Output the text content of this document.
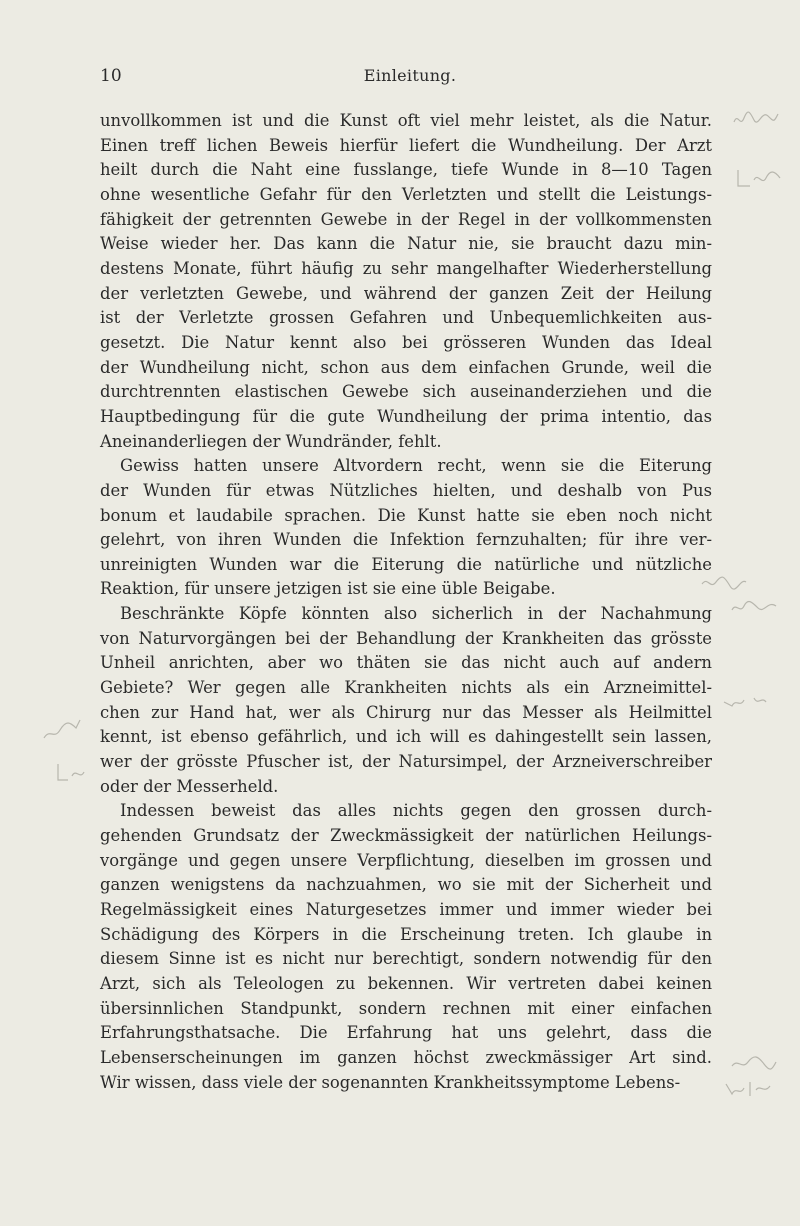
10	Einleitung.
unvollkommen ist und die Kunst oft viel mehr leistet, als die Natur.
Einen treff lichen Beweis hierfür liefert die Wundheilung. Der Arzt
heilt durch die Naht eine fusslange, tiefe Wunde in 8—10 Tagen
ohne wesentliche Gefahr für den Verletzten und stellt die Leistungs-
fähigkeit der getrennten Gewebe in der Regel in der vollkommensten
Weise wieder her. Das kann die Natur nie, sie braucht dazu min-
destens Monate, führt häufig zu sehr mangelhafter Wiederherstellung
der verletzten Gewebe, und während der ganzen Zeit der Heilung
ist der Verletzte grossen Gefahren und Unbequemlichkeiten aus-
gesetzt. Die Natur kennt also bei grösseren Wunden das Ideal
der Wundheilung nicht, schon aus dem einfachen Grunde, weil die
durchtrennten elastischen Gewebe sich auseinanderziehen und die
Hauptbedingung für die gute Wundheilung der prima intentio, das
Aneinanderliegen der Wundränder, fehlt.
Gewiss hatten unsere Altvordern recht, wenn sie die Eiterung
der Wunden für etwas Nützliches hielten, und deshalb von Pus
bonum et laudabile sprachen. Die Kunst hatte sie eben noch nicht
gelehrt, von ihren Wunden die Infektion fernzuhalten; für ihre ver-
unreinigten Wunden war die Eiterung die natürliche und nützliche
Reaktion, für unsere jetzigen ist sie eine üble Beigabe.
Beschränkte Köpfe könnten also sicherlich in der Nachahmung
von Naturvorgängen bei der Behandlung der Krankheiten das grösste
Unheil anrichten, aber wo thäten sie das nicht auch auf andern
Gebiete? Wer gegen alle Krankheiten nichts als ein Arzneimittel-
chen zur Hand hat, wer als Chirurg nur das Messer als Heilmittel
kennt, ist ebenso gefährlich, und ich will es dahingestellt sein lassen,
wer der grösste Pfuscher ist, der Natursimpel, der Arzneiverschreiber
oder der Messerheld.
Indessen beweist das alles nichts gegen den grossen durch-
gehenden Grundsatz der Zweckmässigkeit der natürlichen Heilungs-
vorgänge und gegen unsere Verpflichtung, dieselben im grossen und
ganzen wenigstens da nachzuahmen, wo sie mit der Sicherheit und
Regelmässigkeit eines Naturgesetzes immer und immer wieder bei
Schädigung des Körpers in die Erscheinung treten. Ich glaube in
diesem Sinne ist es nicht nur berechtigt, sondern notwendig für den
Arzt, sich als Teleologen zu bekennen. Wir vertreten dabei keinen
übersinnlichen Standpunkt, sondern rechnen mit einer einfachen
Erfahrungsthatsache. Die Erfahrung hat uns gelehrt, dass die
Lebenserscheinungen im ganzen höchst zweckmässiger Art sind.
Wir wissen, dass viele der sogenannten Krankheitssymptome Lebens-
